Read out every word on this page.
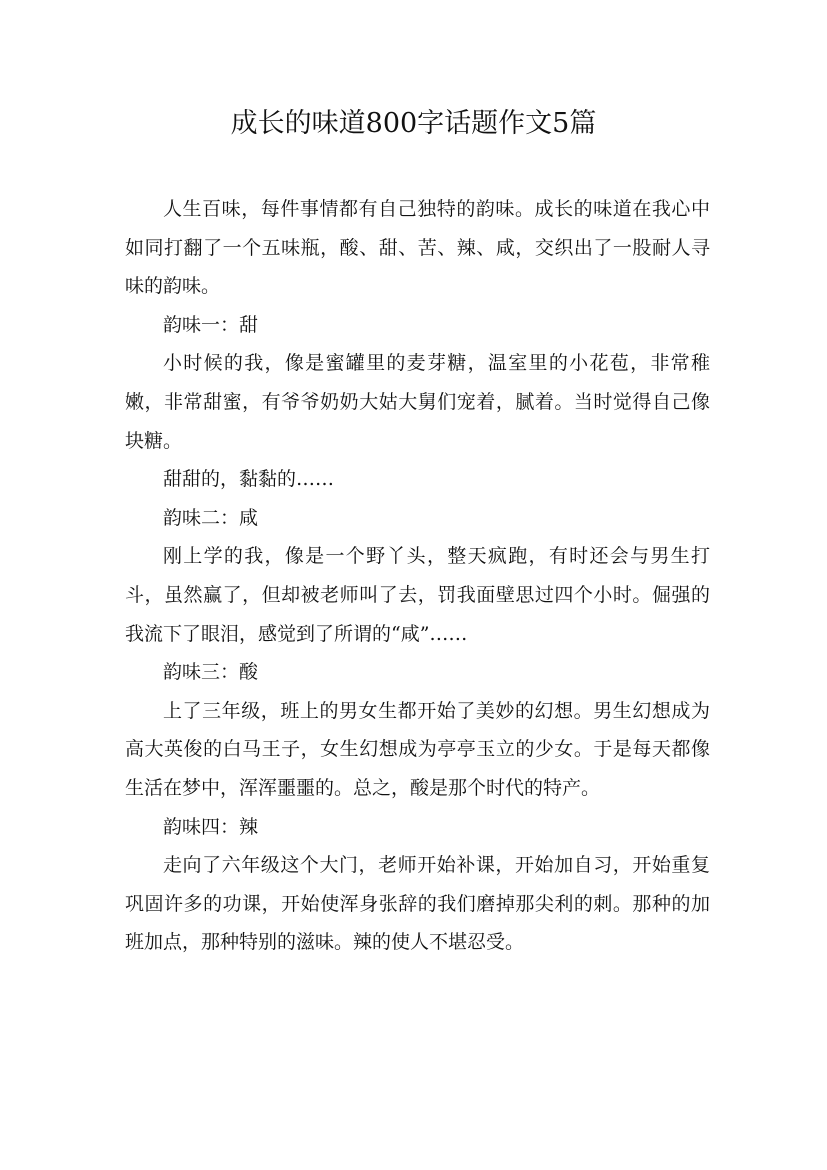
成长的味道800字话题作文5篇

人生百味，每件事情都有自己独特的韵味。成长的味道在我心中如同打翻了一个五味瓶，酸、甜、苦、辣、咸，交织出了一股耐人寻味的韵味。

韵味一：甜

小时候的我，像是蜜罐里的麦芽糖，温室里的小花苞，非常稚嫩，非常甜蜜，有爷爷奶奶大姑大舅们宠着，腻着。当时觉得自己像块糖。

甜甜的，黏黏的……

韵味二：咸

刚上学的我，像是一个野丫头，整天疯跑，有时还会与男生打斗，虽然赢了，但却被老师叫了去，罚我面壁思过四个小时。倔强的我流下了眼泪，感觉到了所谓的“咸”……

韵味三：酸

上了三年级，班上的男女生都开始了美妙的幻想。男生幻想成为高大英俊的白马王子，女生幻想成为亭亭玉立的少女。于是每天都像生活在梦中，浑浑噩噩的。总之，酸是那个时代的特产。

韵味四：辣

走向了六年级这个大门，老师开始补课，开始加自习，开始重复巩固许多的功课，开始使浑身张辞的我们磨掉那尖利的刺。那种的加班加点，那种特别的滋味。辣的使人不堪忍受。
